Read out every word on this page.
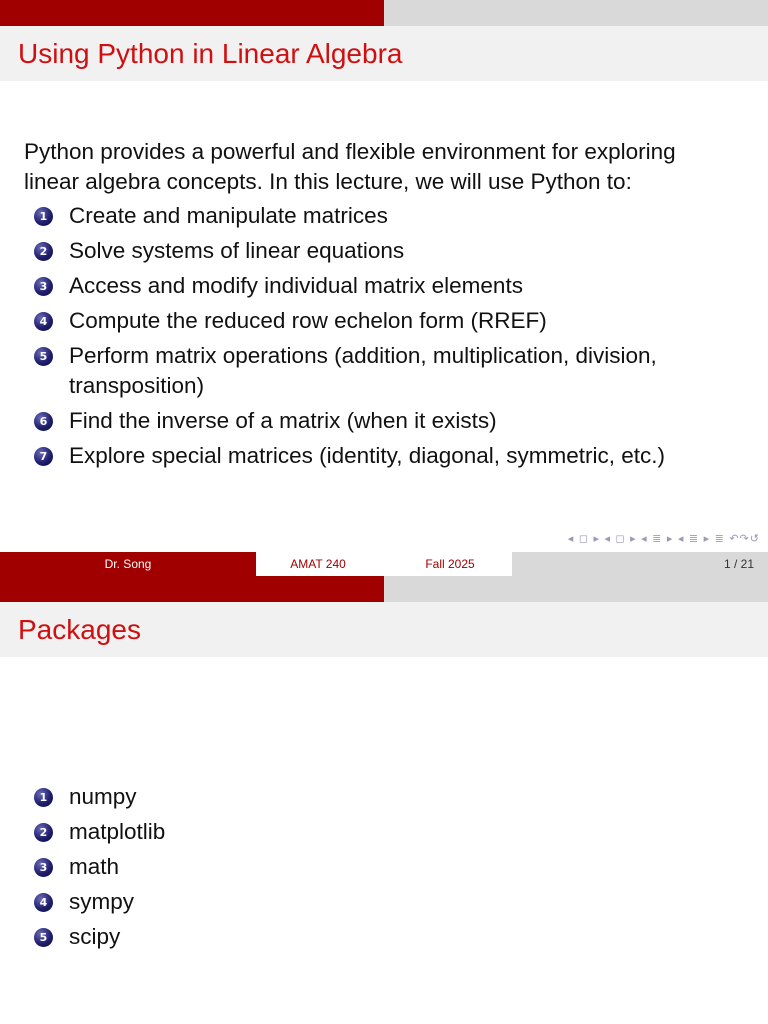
Using Python in Linear Algebra

Python provides a powerful and flexible environment for exploring linear algebra concepts. In this lecture, we will use Python to:

1 Create and manipulate matrices
2 Solve systems of linear equations
3 Access and modify individual matrix elements
4 Compute the reduced row echelon form (RREF)
5 Perform matrix operations (addition, multiplication, division, transposition)
6 Find the inverse of a matrix (when it exists)
7 Explore special matrices (identity, diagonal, symmetric, etc.)
◂ ◻ ▸ ◂ ◻ ▸ ◂ ≣ ▸ ◂ ≣ ▸ ≣ ↶↷↺
Dr. Song	AMAT 240	Fall 2025	1 / 21
Packages
1 numpy
2 matplotlib
3 math
4 sympy
5 scipy
